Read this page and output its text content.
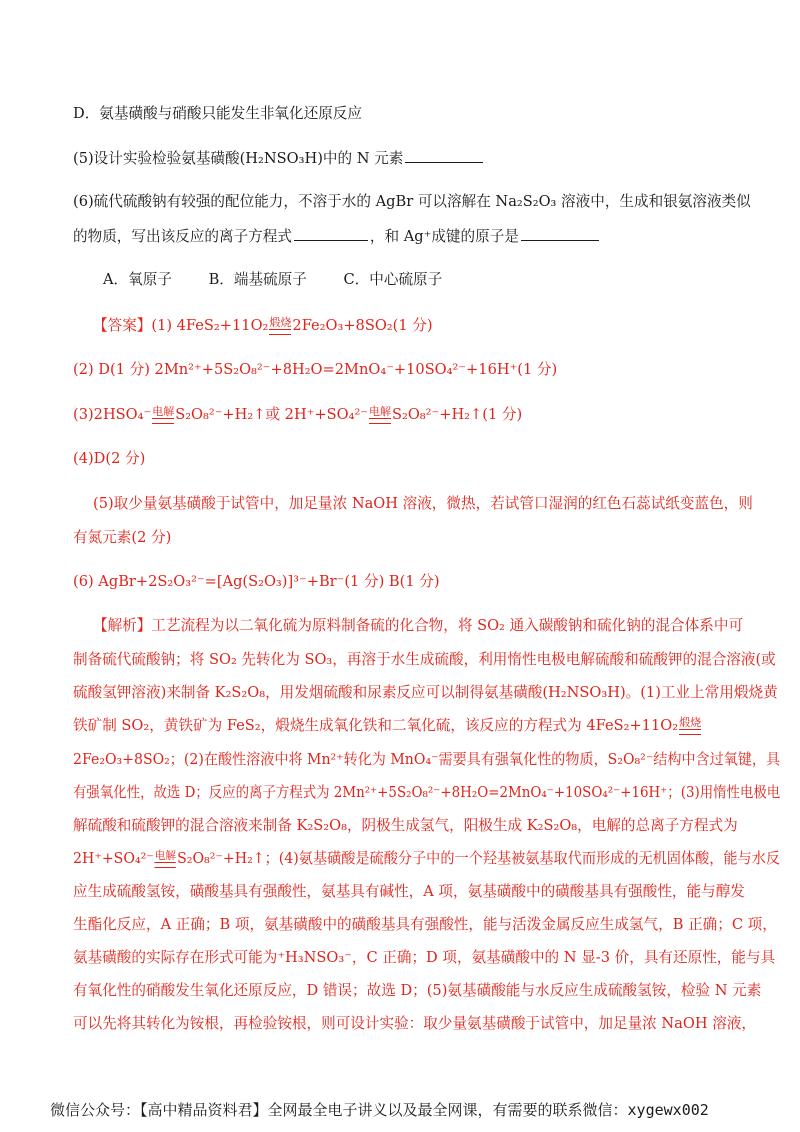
D．氨基磺酸与硝酸只能发生非氧化还原反应
(5)设计实验检验氨基磺酸(H₂NSO₃H)中的 N 元素
(6)硫代硫酸钠有较强的配位能力，不溶于水的 AgBr 可以溶解在 Na₂S₂O₃ 溶液中，生成和银氨溶液类似
的物质，写出该反应的离子方程式	，和 Ag⁺成键的原子是
A．氧原子	B．端基硫原子	C．中心硫原子
【答案】(1) 4FeS₂+11O₂ 煅烧 2Fe₂O₃+8SO₂(1 分)
(2) D(1 分) 2Mn²⁺+5S₂O₈²⁻+8H₂O=2MnO₄⁻+10SO₄²⁻+16H⁺(1 分)
(3)2HSO₄⁻ 电解 S₂O₈²⁻+H₂↑或 2H⁺+SO₄²⁻ 电解 S₂O₈²⁻+H₂↑(1 分)
(4)D(2 分)
(5)取少量氨基磺酸于试管中，加足量浓 NaOH 溶液，微热，若试管口湿润的红色石蕊试纸变蓝色，则
有氮元素(2 分)
(6) AgBr+2S₂O₃²⁻=[Ag(S₂O₃)]³⁻+Br⁻(1 分) B(1 分)
【解析】工艺流程为以二氧化硫为原料制备硫的化合物，将 SO₂ 通入碳酸钠和硫化钠的混合体系中可
制备硫代硫酸钠；将 SO₂ 先转化为 SO₃，再溶于水生成硫酸，利用惰性电极电解硫酸和硫酸钾的混合溶液(或
硫酸氢钾溶液)来制备 K₂S₂O₈，用发烟硫酸和尿素反应可以制得氨基磺酸(H₂NSO₃H)。(1)工业上常用煅烧黄
铁矿制 SO₂，黄铁矿为 FeS₂，煅烧生成氧化铁和二氧化硫，该反应的方程式为 4FeS₂+11O₂ 煅烧
2Fe₂O₃+8SO₂；(2)在酸性溶液中将 Mn²⁺转化为 MnO₄⁻需要具有强氧化性的物质，S₂O₈²⁻结构中含过氧键，具
有强氧化性，故选 D；反应的离子方程式为 2Mn²⁺+5S₂O₈²⁻+8H₂O=2MnO₄⁻+10SO₄²⁻+16H⁺；(3)用惰性电极电
解硫酸和硫酸钾的混合溶液来制备 K₂S₂O₈，阴极生成氢气，阳极生成 K₂S₂O₈，电解的总离子方程式为
2H⁺+SO₄²⁻ 电解 S₂O₈²⁻+H₂↑；(4)氨基磺酸是硫酸分子中的一个羟基被氨基取代而形成的无机固体酸，能与水反
应生成硫酸氢铵，磺酸基具有强酸性，氨基具有碱性，A 项，氨基磺酸中的磺酸基具有强酸性，能与醇发
生酯化反应，A 正确；B 项，氨基磺酸中的磺酸基具有强酸性，能与活泼金属反应生成氢气，B 正确；C 项，
氨基磺酸的实际存在形式可能为⁺H₃NSO₃⁻，C 正确；D 项，氨基磺酸中的 N 显-3 价，具有还原性，能与具
有氧化性的硝酸发生氧化还原反应，D 错误；故选 D；(5)氨基磺酸能与水反应生成硫酸氢铵，检验 N 元素
可以先将其转化为铵根，再检验铵根，则可设计实验：取少量氨基磺酸于试管中，加足量浓 NaOH 溶液，
微信公众号：【高中精品资料君】全网最全电子讲义以及最全网课，有需要的联系微信：xygewx002
